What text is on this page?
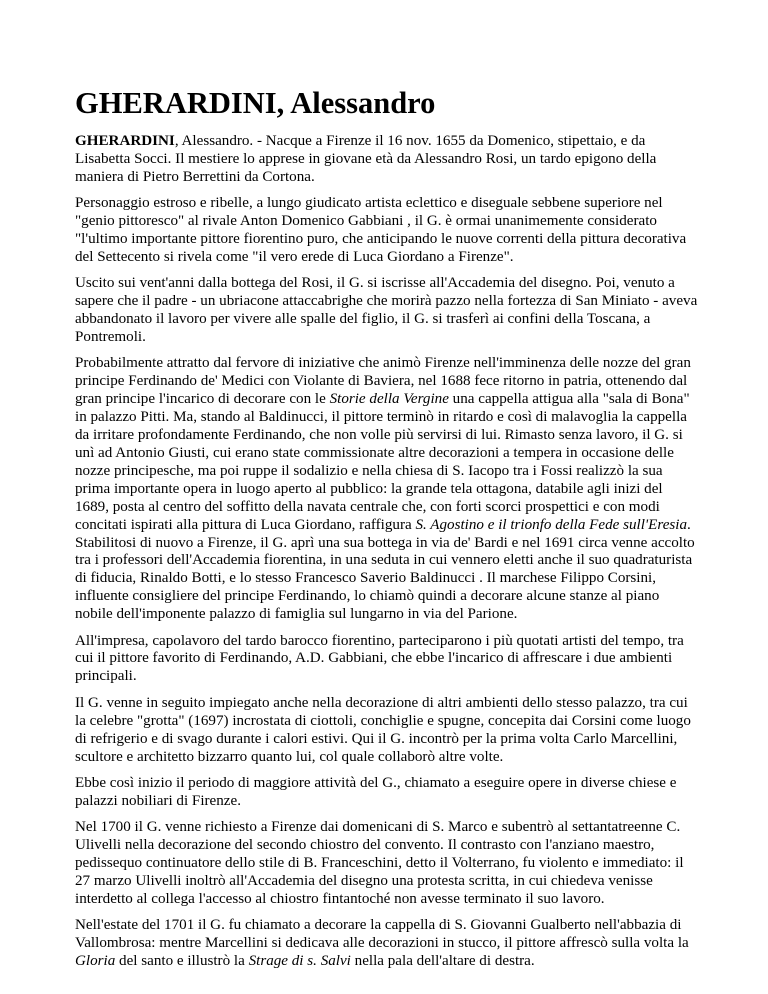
GHERARDINI, Alessandro

GHERARDINI, Alessandro. - Nacque a Firenze il 16 nov. 1655 da Domenico, stipettaio, e da Lisabetta Socci. Il mestiere lo apprese in giovane età da Alessandro Rosi, un tardo epigono della maniera di Pietro Berrettini da Cortona.

Personaggio estroso e ribelle, a lungo giudicato artista eclettico e diseguale sebbene superiore nel "genio pittoresco" al rivale Anton Domenico Gabbiani , il G. è ormai unanimemente considerato "l'ultimo importante pittore fiorentino puro, che anticipando le nuove correnti della pittura decorativa del Settecento si rivela come "il vero erede di Luca Giordano a Firenze".

Uscito sui vent'anni dalla bottega del Rosi, il G. si iscrisse all'Accademia del disegno. Poi, venuto a sapere che il padre - un ubriacone attaccabrighe che morirà pazzo nella fortezza di San Miniato - aveva abbandonato il lavoro per vivere alle spalle del figlio, il G. si trasferì ai confini della Toscana, a Pontremoli.

Probabilmente attratto dal fervore di iniziative che animò Firenze nell'imminenza delle nozze del gran principe Ferdinando de' Medici con Violante di Baviera, nel 1688 fece ritorno in patria, ottenendo dal gran principe l'incarico di decorare con le Storie della Vergine una cappella attigua alla "sala di Bona" in palazzo Pitti. Ma, stando al Baldinucci, il pittore terminò in ritardo e così di malavoglia la cappella da irritare profondamente Ferdinando, che non volle più servirsi di lui. Rimasto senza lavoro, il G. si unì ad Antonio Giusti, cui erano state commissionate altre decorazioni a tempera in occasione delle nozze principesche, ma poi ruppe il sodalizio e nella chiesa di S. Iacopo tra i Fossi realizzò la sua prima importante opera in luogo aperto al pubblico: la grande tela ottagona, databile agli inizi del 1689, posta al centro del soffitto della navata centrale che, con forti scorci prospettici e con modi concitati ispirati alla pittura di Luca Giordano, raffigura S. Agostino e il trionfo della Fede sull'Eresia. Stabilitosi di nuovo a Firenze, il G. aprì una sua bottega in via de' Bardi e nel 1691 circa venne accolto tra i professori dell'Accademia fiorentina, in una seduta in cui vennero eletti anche il suo quadraturista di fiducia, Rinaldo Botti, e lo stesso Francesco Saverio Baldinucci . Il marchese Filippo Corsini, influente consigliere del principe Ferdinando, lo chiamò quindi a decorare alcune stanze al piano nobile dell'imponente palazzo di famiglia sul lungarno in via del Parione.

All'impresa, capolavoro del tardo barocco fiorentino, parteciparono i più quotati artisti del tempo, tra cui il pittore favorito di Ferdinando, A.D. Gabbiani, che ebbe l'incarico di affrescare i due ambienti principali.

Il G. venne in seguito impiegato anche nella decorazione di altri ambienti dello stesso palazzo, tra cui la celebre "grotta" (1697) incrostata di ciottoli, conchiglie e spugne, concepita dai Corsini come luogo di refrigerio e di svago durante i calori estivi. Qui il G. incontrò per la prima volta Carlo Marcellini, scultore e architetto bizzarro quanto lui, col quale collaborò altre volte.

Ebbe così inizio il periodo di maggiore attività del G., chiamato a eseguire opere in diverse chiese e palazzi nobiliari di Firenze.

Nel 1700 il G. venne richiesto a Firenze dai domenicani di S. Marco e subentrò al settantatreenne C. Ulivelli nella decorazione del secondo chiostro del convento. Il contrasto con l'anziano maestro, pedissequo continuatore dello stile di B. Franceschini, detto il Volterrano, fu violento e immediato: il 27 marzo Ulivelli inoltrò all'Accademia del disegno una protesta scritta, in cui chiedeva venisse interdetto al collega l'accesso al chiostro fintantoché non avesse terminato il suo lavoro.

Nell'estate del 1701 il G. fu chiamato a decorare la cappella di S. Giovanni Gualberto nell'abbazia di Vallombrosa: mentre Marcellini si dedicava alle decorazioni in stucco, il pittore affrescò sulla volta la Gloria del santo e illustrò la Strage di s. Salvi nella pala dell'altare di destra.
